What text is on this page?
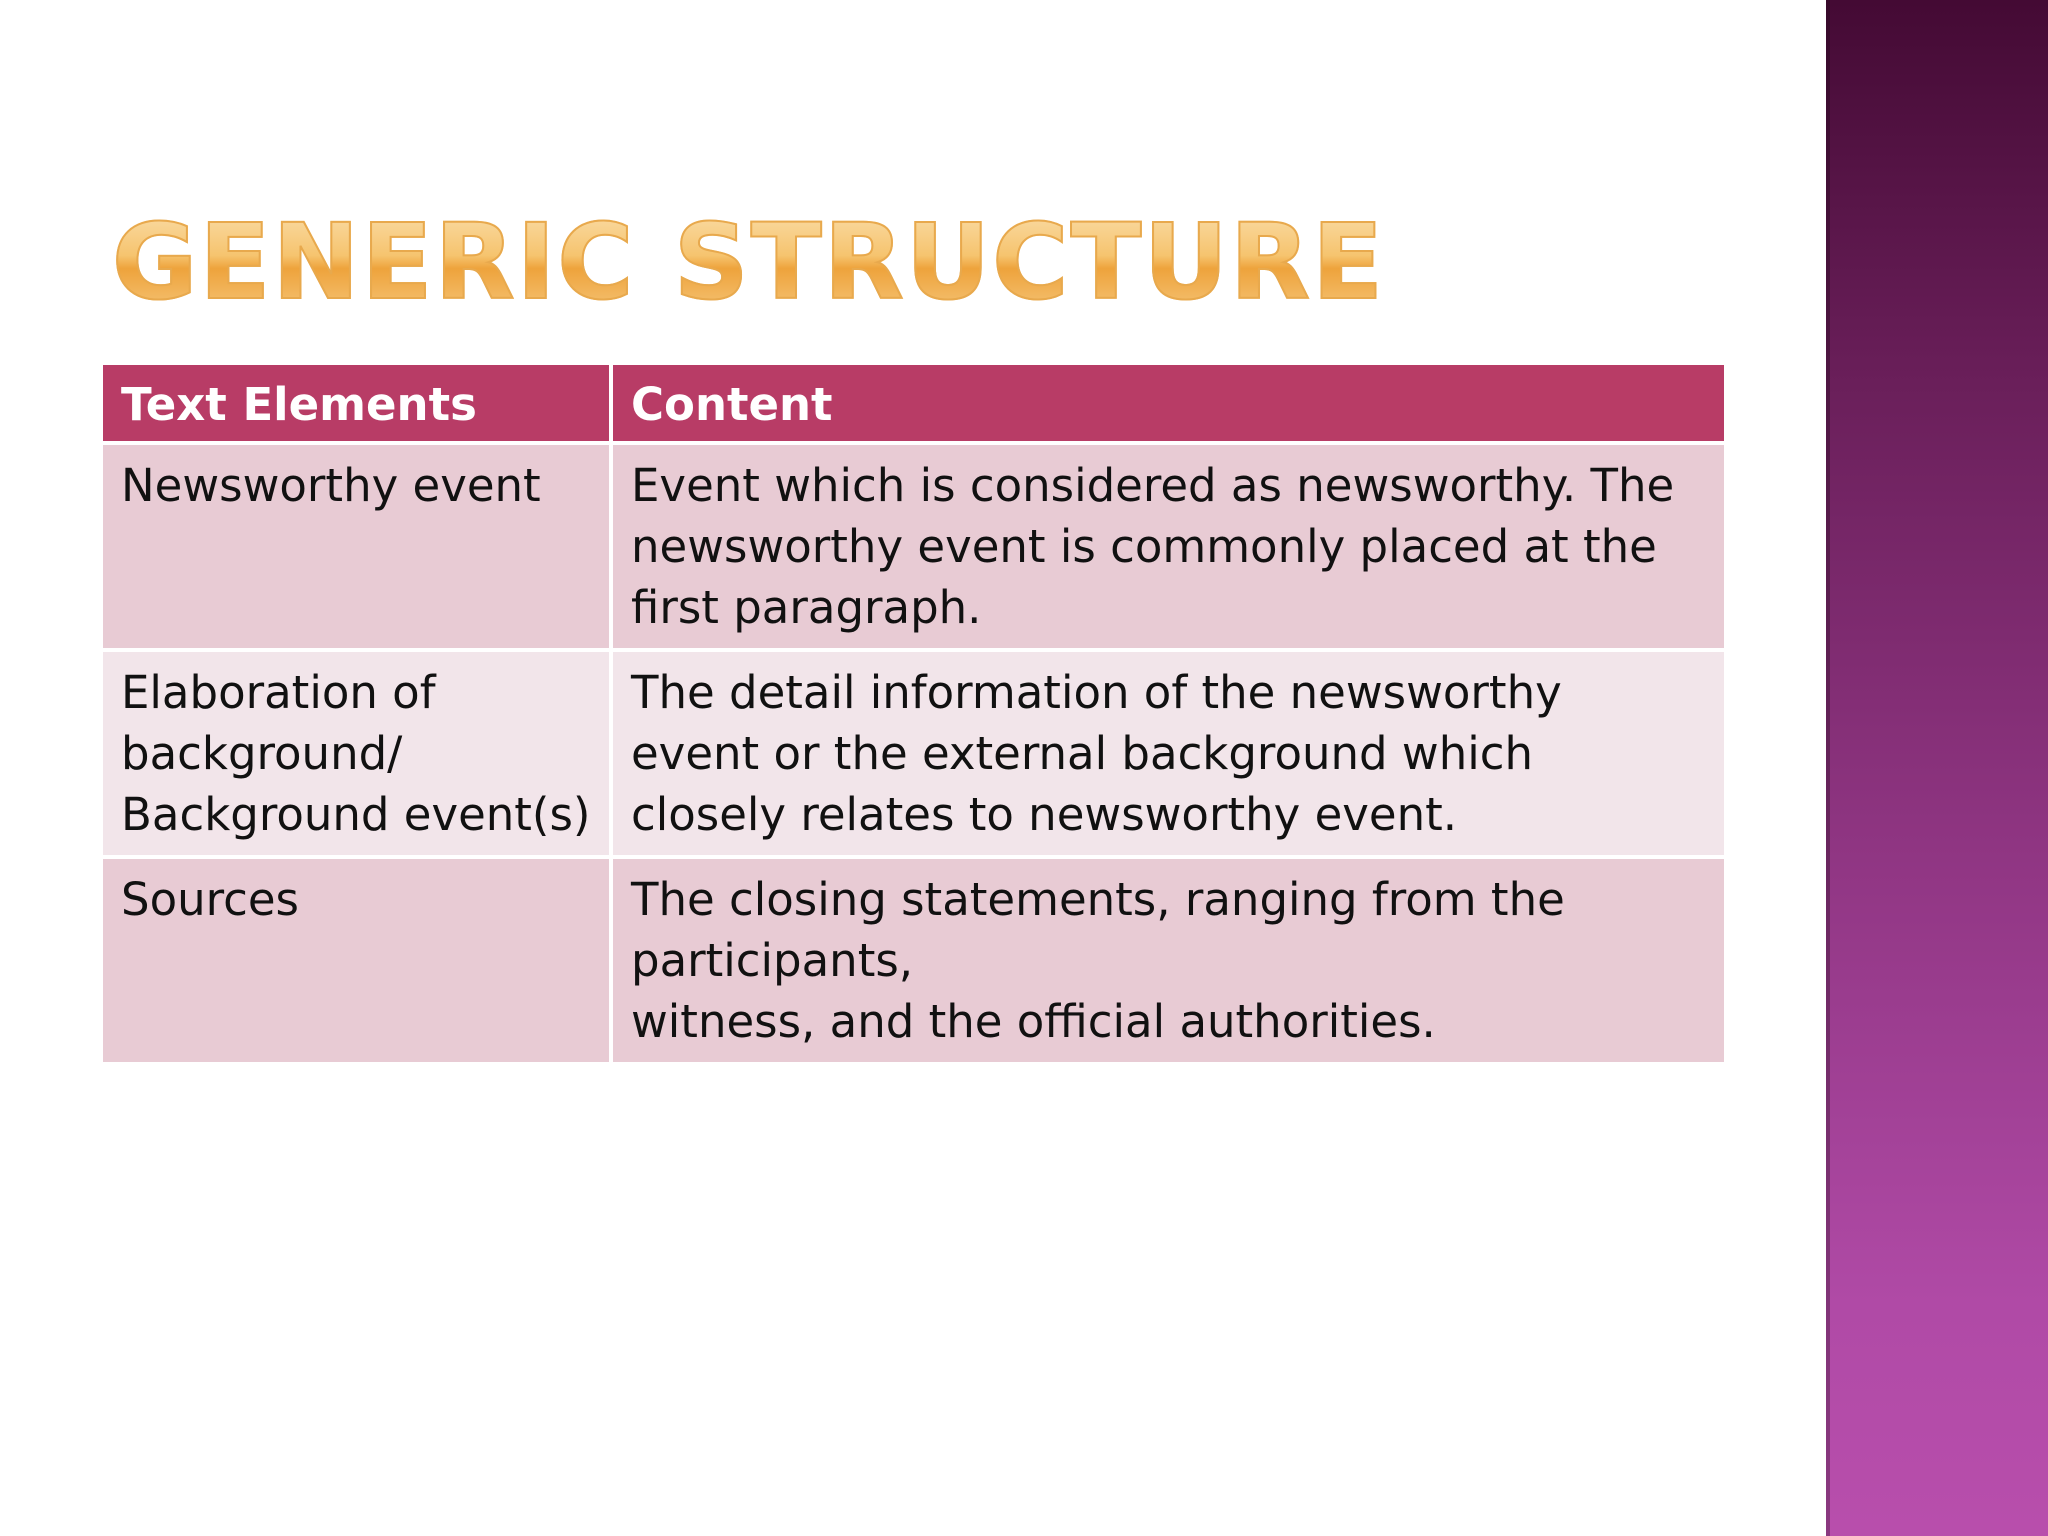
GENERIC STRUCTURE
Text Elements	Content

Newsworthy event	Event which is considered as newsworthy. The
newsworthy event is commonly placed at the
first paragraph.

Elaboration of
background/
Background event(s)	The detail information of the newsworthy
event or the external background which
closely relates to newsworthy event.

Sources	The closing statements, ranging from the
participants,
witness, and the official authorities.
